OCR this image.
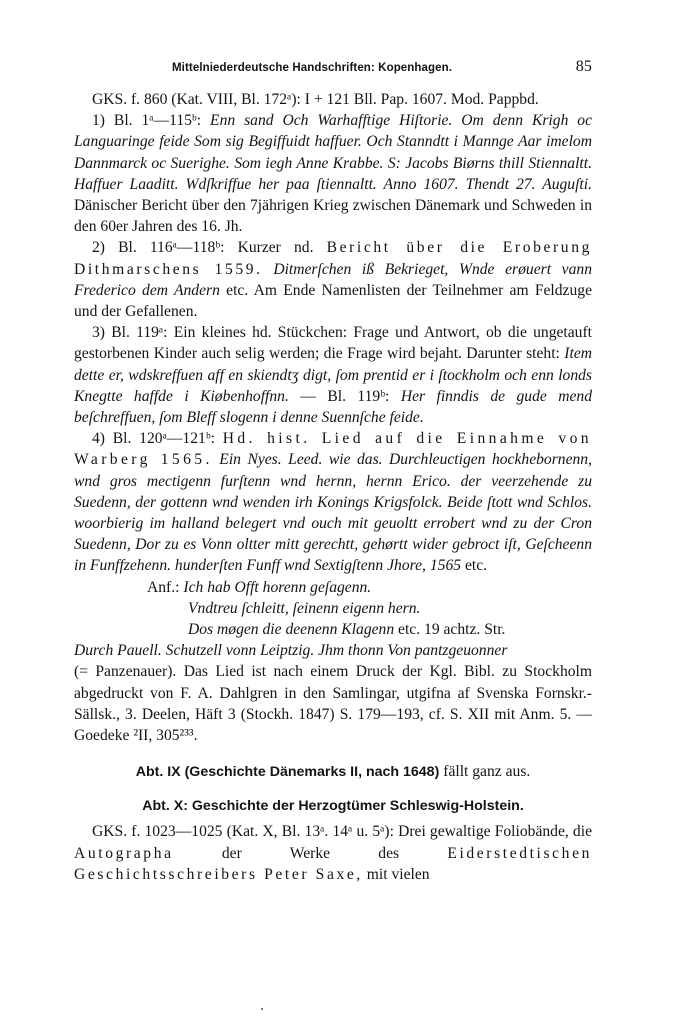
Mittelniederdeutsche Handschriften: Kopenhagen.	85

GKS. f. 860 (Kat. VIII, Bl. 172ᵃ): I + 121 Bll. Pap. 1607. Mod. Pappbd.

1) Bl. 1ᵃ—115ᵇ: Enn sand Och Warhafftige Hiſtorie. Om denn Krigh oc Languaringe feide Som sig Begiffuidt haffuer. Och Stanndtt i Mannge Aar imelom Dannmarck oc Suerighe. Som iegh Anne Krabbe. S: Jacobs Biørns thill Stiennaltt. Haffuer Laaditt. Wdſkriffue her paa ſtiennaltt. Anno 1607. Thendt 27. Auguſti. Dänischer Bericht über den 7jährigen Krieg zwischen Dänemark und Schweden in den 60er Jahren des 16. Jh.

2) Bl. 116ᵃ—118ᵇ: Kurzer nd. Bericht über die Eroberung Dithmarschens 1559. Ditmerſchen iß Bekrieget, Wnde erøuert vann Frederico dem Andern etc. Am Ende Namenlisten der Teilnehmer am Feldzuge und der Gefallenen.

3) Bl. 119ᵃ: Ein kleines hd. Stückchen: Frage und Antwort, ob die ungetauft gestorbenen Kinder auch selig werden; die Frage wird bejaht. Darunter steht: Item dette er, wdskreffuen aff en skiendtʒ digt, ſom prentid er i ſtockholm och enn londs Knegtte haffde i Kiøbenhoffnn. — Bl. 119ᵇ: Her finndis de gude mend beſchreffuen, ſom Bleff slogenn i denne Suennſche feide.

4) Bl. 120ᵃ—121ᵇ: Hd. hist. Lied auf die Einnahme von Warberg 1565. Ein Nyes. Leed. wie das. Durchleuctigen hockhebornenn, wnd gros mectigenn furſtenn wnd hernn, hernn Erico. der veerzehende zu Suedenn, der gottenn wnd wenden irh Konings Krigsfolck. Beide ſtott wnd Schlos. woorbierig im halland belegert vnd ouch mit geuoltt errobert wnd zu der Cron Suedenn, Dor zu es Vonn oltter mitt gerechtt, gehørtt wider gebroct iſt, Geſcheenn in Funffzehenn. hunderſten Funff wnd Sextigſtenn Jhore, 1565 etc.

Anf.: Ich hab Offt horenn geſagenn.

Vndtreu ſchleitt, ſeinenn eigenn hern.

Dos møgen die deenenn Klagenn etc. 19 achtz. Str.

Durch Pauell. Schutzell vonn Leiptzig. Jhm thonn Von pantzgeuonner

(= Panzenauer). Das Lied ist nach einem Druck der Kgl. Bibl. zu Stockholm abgedruckt von F. A. Dahlgren in den Samlingar, utgifna af Svenska Fornskr.-Sällsk., 3. Deelen, Häft 3 (Stockh. 1847) S. 179—193, cf. S. XII mit Anm. 5. — Goedeke ²II, 305²³³.

Abt. IX (Geschichte Dänemarks II, nach 1648) fällt ganz aus.

Abt. X: Geschichte der Herzogtümer Schleswig-Holstein.

GKS. f. 1023—1025 (Kat. X, Bl. 13ᵃ. 14ᵃ u. 5ᵃ): Drei gewaltige Foliobände, die Autographa	der Werke des	Eiderstedtischen Geschichtsschreibers Peter Saxe, mit vielen
